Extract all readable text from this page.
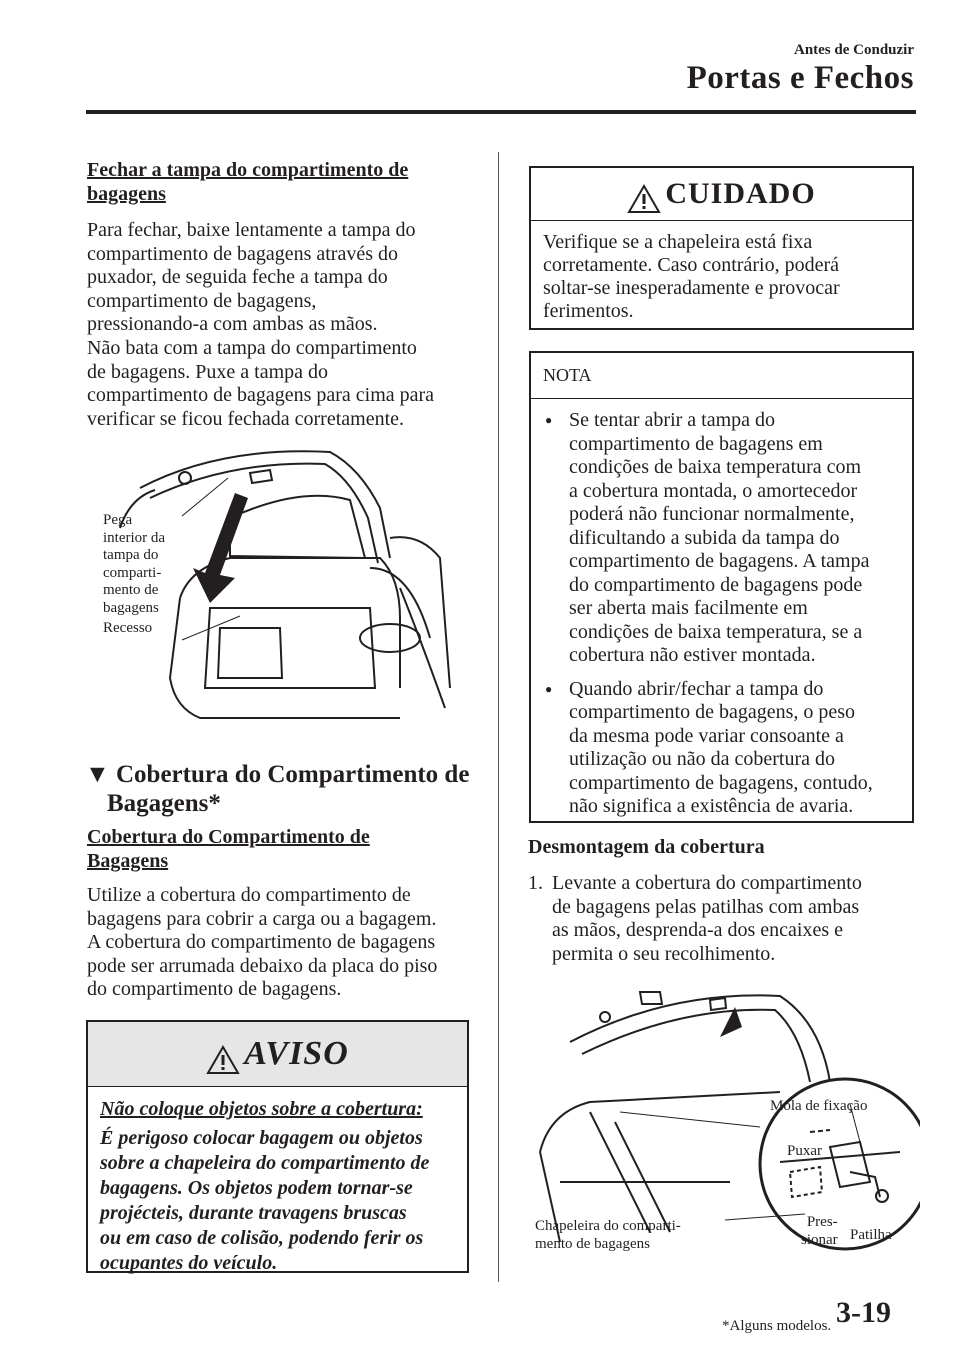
Antes de Conduzir
Portas e Fechos
Fechar a tampa do compartimento de bagagens
Para fechar, baixe lentamente a tampa do
compartimento de bagagens através do
puxador, de seguida feche a tampa do
compartimento de bagagens,
pressionando-a com ambas as mãos.
Não bata com a tampa do compartimento
de bagagens. Puxe a tampa do
compartimento de bagagens para cima para
verificar se ficou fechada corretamente.
Pega
interior da
tampa do
comparti-
mento de
bagagens
Recesso
▼ Cobertura do Compartimento de
Bagagens*
Cobertura do Compartimento de Bagagens
Utilize a cobertura do compartimento de
bagagens para cobrir a carga ou a bagagem.
A cobertura do compartimento de bagagens
pode ser arrumada debaixo da placa do piso
do compartimento de bagagens.
AVISO
Não coloque objetos sobre a cobertura:
É perigoso colocar bagagem ou objetos
sobre a chapeleira do compartimento de
bagagens. Os objetos podem tornar-se
projécteis, durante travagens bruscas
ou em caso de colisão, podendo ferir os
ocupantes do veículo.
CUIDADO
Verifique se a chapeleira está fixa
corretamente. Caso contrário, poderá
soltar-se inesperadamente e provocar
ferimentos.
NOTA
● Se tentar abrir a tampa do
compartimento de bagagens em
condições de baixa temperatura com
a cobertura montada, o amortecedor
poderá não funcionar normalmente,
dificultando a subida da tampa do
compartimento de bagagens. A tampa
do compartimento de bagagens pode
ser aberta mais facilmente em
condições de baixa temperatura, se a
cobertura não estiver montada.
● Quando abrir/fechar a tampa do
compartimento de bagagens, o peso
da mesma pode variar consoante a
utilização ou não da cobertura do
compartimento de bagagens, contudo,
não significa a existência de avaria.
Desmontagem da cobertura
1. Levante a cobertura do compartimento
de bagagens pelas patilhas com ambas
as mãos, desprenda-a dos encaixes e
permita o seu recolhimento.
Mola de fixação
Puxar
Chapeleira do comparti-
mento de bagagens
Pres-
sionar Patilha
*Alguns modelos. 3-19
